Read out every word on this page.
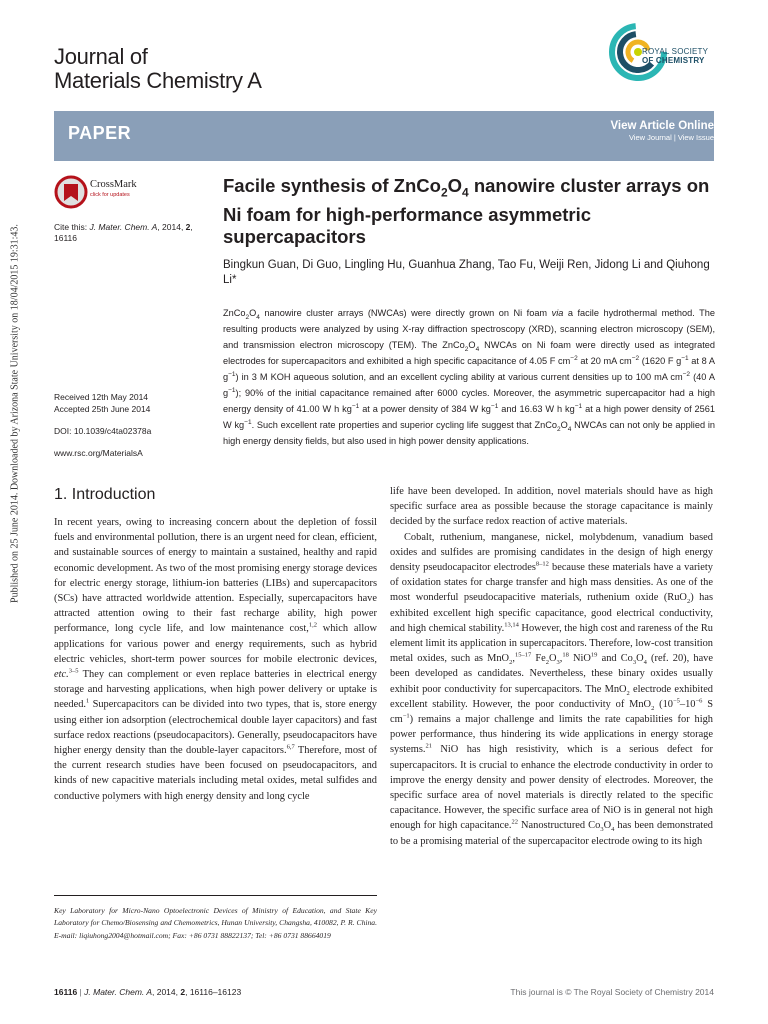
Published on 25 June 2014. Downloaded by Arizona State University on 18/04/2015 19:31:43.
Journal of
Materials Chemistry A
ROYAL SOCIETY
OF CHEMISTRY
PAPER	View Article Online
View Journal | View Issue
CrossMark
click for updates
Cite this: J. Mater. Chem. A, 2014, 2,
16116
Received 12th May 2014
Accepted 25th June 2014
DOI: 10.1039/c4ta02378a
www.rsc.org/MaterialsA
Facile synthesis of $ZnCo_2O_4$ nanowire cluster arrays on Ni foam for high-performance asymmetric supercapacitors
Bingkun Guan, Di Guo, Lingling Hu, Guanhua Zhang, Tao Fu, Weiji Ren, Jidong Li and Qiuhong Li*
$ZnCo_2O_4$ nanowire cluster arrays (NWCAs) were directly grown on Ni foam via a facile hydrothermal method. The resulting products were analyzed by using X-ray diffraction spectroscopy (XRD), scanning electron microscopy (SEM), and transmission electron microscopy (TEM). The $ZnCo_2O_4$ NWCAs on Ni foam were directly used as integrated electrodes for supercapacitors and exhibited a high specific capacitance of 4.05 F $cm^{-2}$ at 20 mA $cm^{-2}$ (1620 F $g^{-1}$ at 8 A $g^{-1}$) in 3 M KOH aqueous solution, and an excellent cycling ability at various current densities up to 100 mA $cm^{-2}$ (40 A $g^{-1}$); 90% of the initial capacitance remained after 6000 cycles. Moreover, the asymmetric supercapacitor had a high energy density of 41.00 W h $kg^{-1}$ at a power density of 384 W $kg^{-1}$ and 16.63 W h $kg^{-1}$ at a high power density of 2561 W $kg^{-1}$. Such excellent rate properties and superior cycling life suggest that $ZnCo_2O_4$ NWCAs can not only be applied in high energy density fields, but also used in high power density applications.
1. Introduction

In recent years, owing to increasing concern about the depletion of fossil fuels and environmental pollution, there is an urgent need for clean, efficient, and sustainable sources of energy to maintain a sustained, healthy and rapid economic development. As two of the most promising energy storage devices for electric energy storage, lithium-ion batteries (LIBs) and supercapacitors (SCs) have attracted worldwide attention. Especially, supercapacitors have attracted attention owing to their fast recharge ability, high power performance, long cycle life, and low maintenance cost,$^{1,2}$ which allow applications for various power and energy requirements, such as hybrid electric vehicles, short-term power sources for mobile electronic devices, etc.$^{3-5}$ They can complement or even replace batteries in electrical energy storage and harvesting applications, when high power delivery or uptake is needed.$^1$ Supercapacitors can be divided into two types, that is, store energy using either ion adsorption (electrochemical double layer capacitors) and fast surface redox reactions (pseudocapacitors). Generally, pseudocapacitors have higher energy density than the double-layer capacitors.$^{6,7}$ Therefore, most of the current research studies have been focused on pseudocapacitors, and kinds of new capacitive materials including metal oxides, metal sulfides and conductive polymers with high energy density and long cycle

life have been developed. In addition, novel materials should have as high specific surface area as possible because the storage capacitance is mainly decided by the surface redox reaction of active materials.

Cobalt, ruthenium, manganese, nickel, molybdenum, vanadium based oxides and sulfides are promising candidates in the design of high energy density pseudocapacitor electrodes$^{8-12}$ because these materials have a variety of oxidation states for charge transfer and high mass densities. As one of the most wonderful pseudocapacitive materials, ruthenium oxide (RuO$_2$) has exhibited excellent high specific capacitance, good electrical conductivity, and high chemical stability.$^{13,14}$ However, the high cost and rareness of the Ru element limit its application in supercapacitors. Therefore, low-cost transition metal oxides, such as MnO$_2$,$^{15-17}$ $Fe_2O_3,^{18}$ NiO$^{19}$ and $Co_3O_4$ (ref. 20), have been developed as candidates. Nevertheless, these binary oxides usually exhibit poor conductivity for supercapacitors. The MnO$_2$ electrode exhibited excellent stability. However, the poor conductivity of MnO$_2$ ($10^{-5}-10^{-6}$ S $cm^{-1}$) remains a major challenge and limits the rate capabilities for high power performance, thus hindering its wide applications in energy storage systems.$^{21}$ NiO has high resistivity, which is a serious defect for supercapacitors. It is crucial to enhance the electrode conductivity in order to improve the energy density and power density of electrodes. Moreover, the specific surface area of novel materials is directly related to the specific capacitance. However, the specific surface area of NiO is in general not high enough for high capacitance.$^{22}$ Nanostructured $Co_3O_4$ has been demonstrated to be a promising material of the supercapacitor electrode owing to its high

Key Laboratory for Micro-Nano Optoelectronic Devices of Ministry of Education, and State Key Laboratory for Chemo/Biosensing and Chemometrics, Hunan University, Changsha, 410082, P. R. China. E-mail: liqiuhong2004@hotmail.com; Fax: +86 0731 88822137; Tel: +86 0731 88664019
16116 | J. Mater. Chem. A, 2014, 2, 16116–16123	This journal is © The Royal Society of Chemistry 2014
